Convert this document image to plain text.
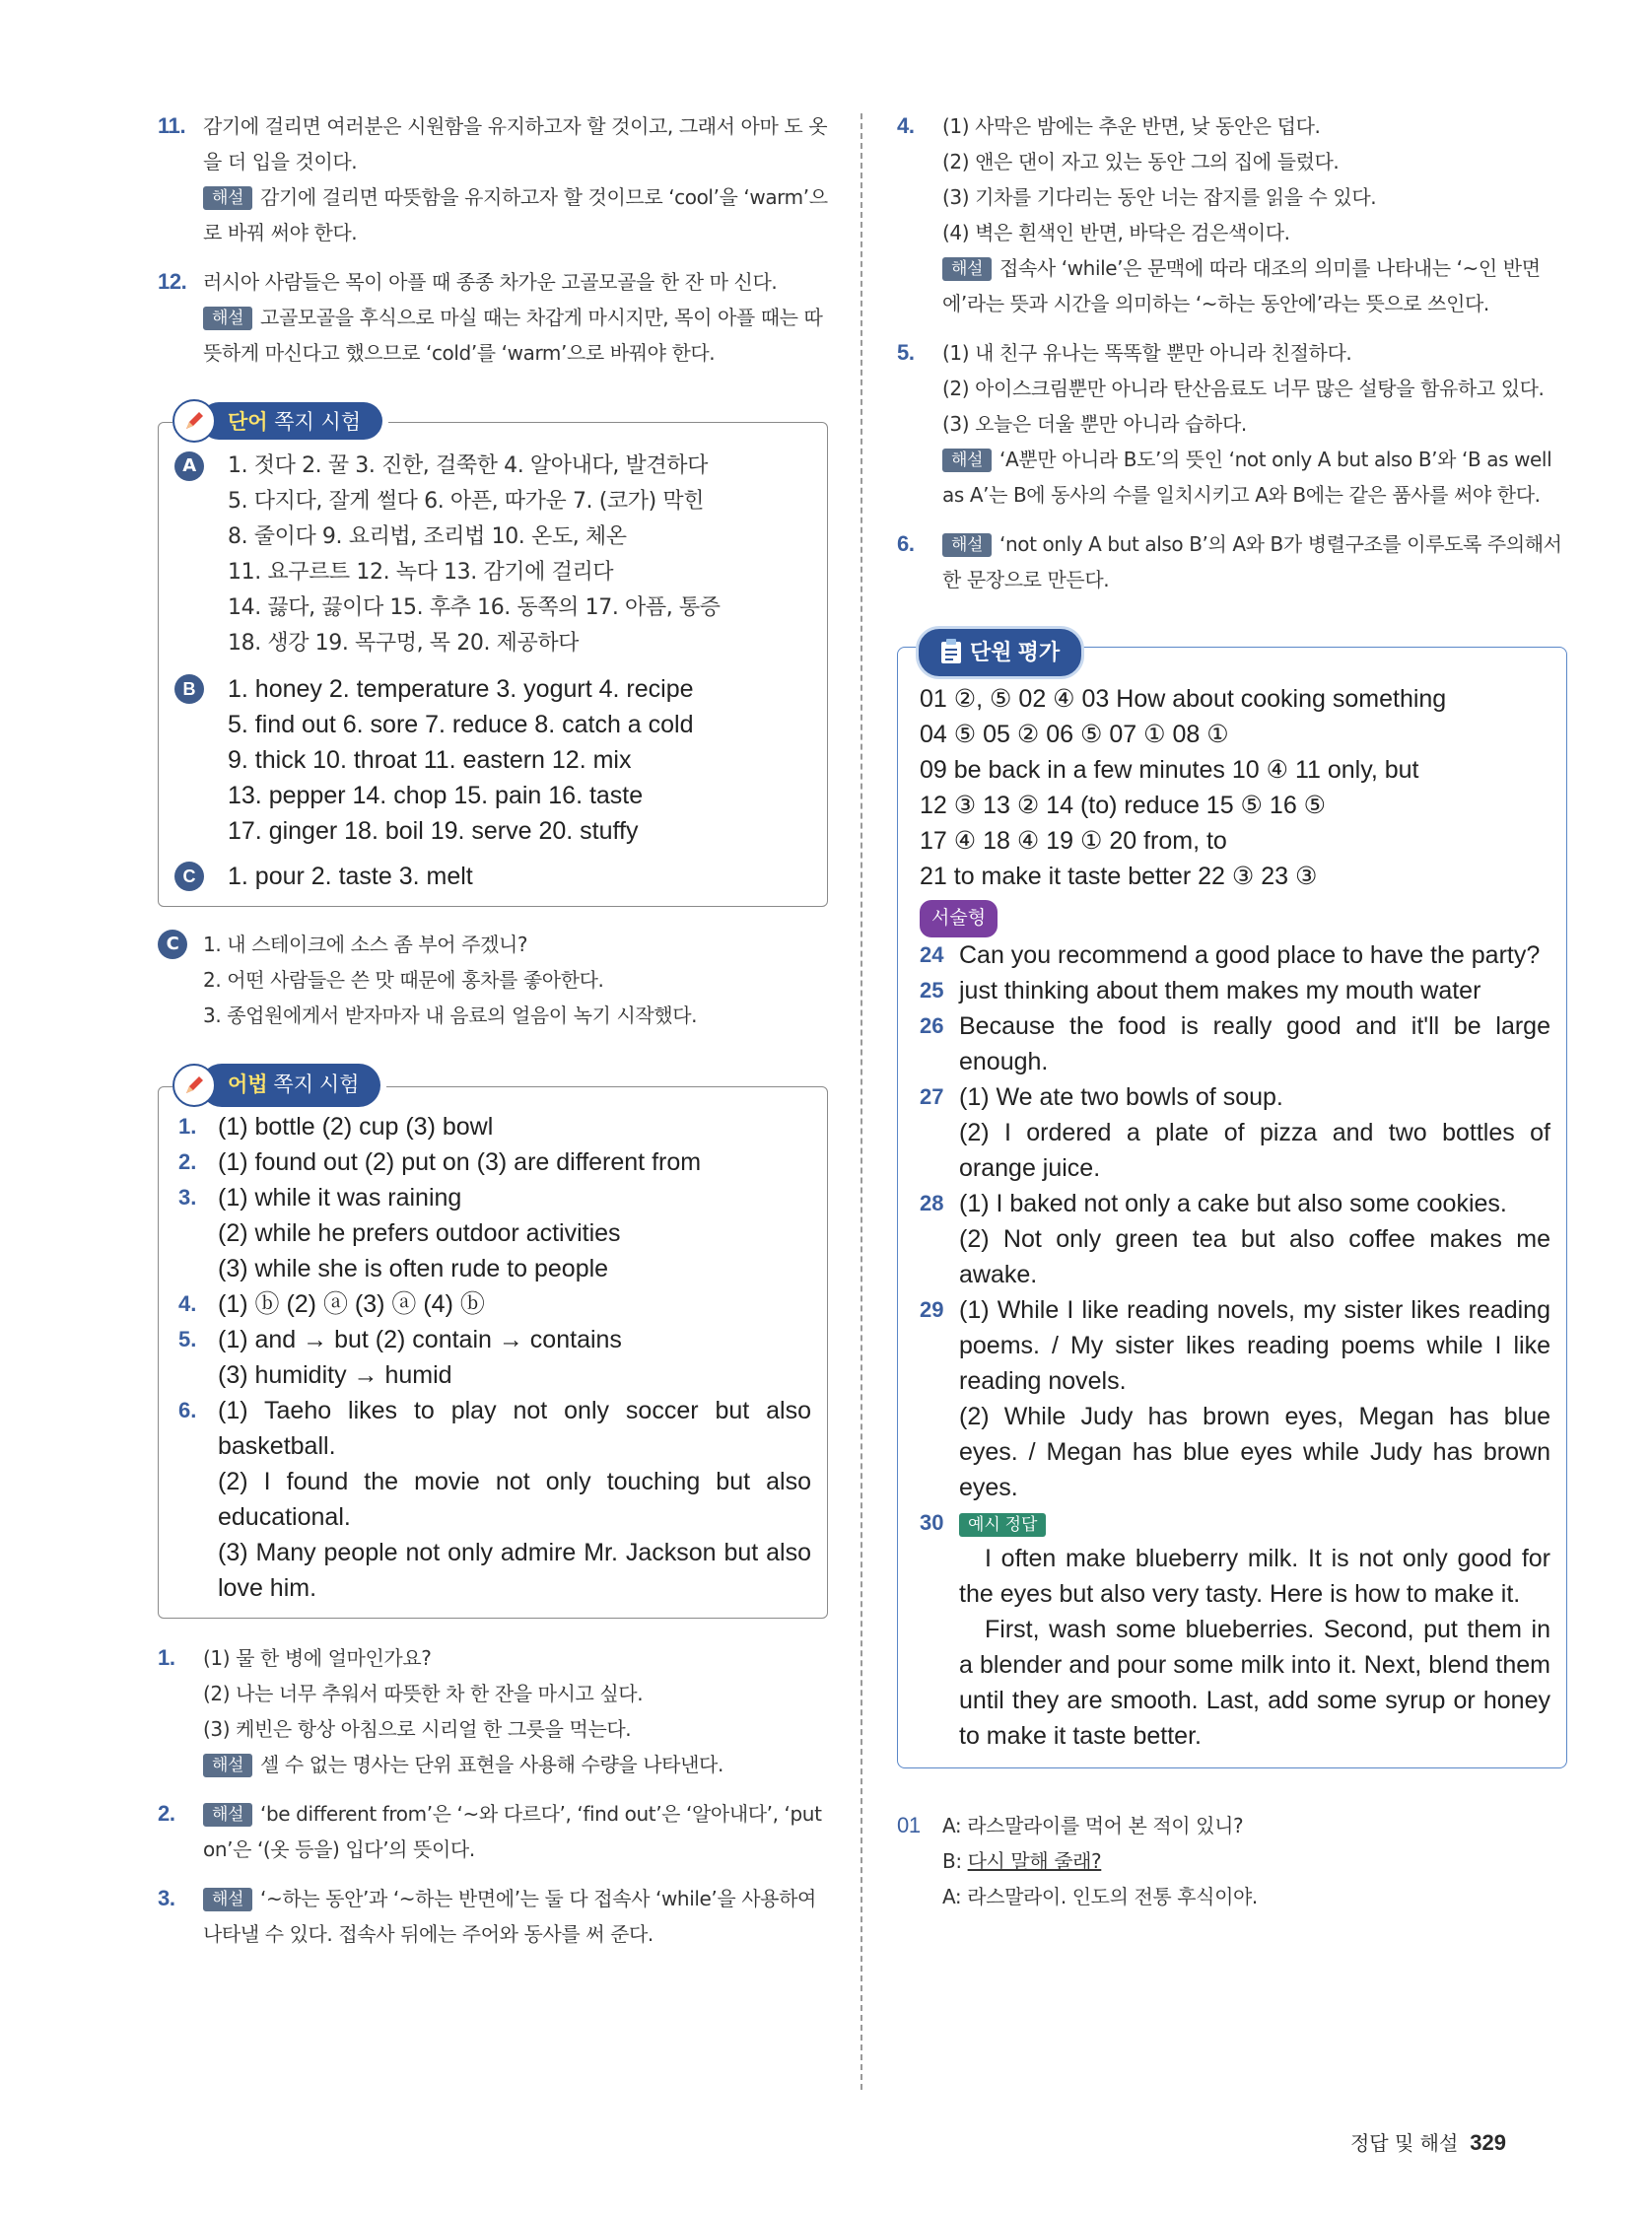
11. 감기에 걸리면 여러분은 시원함을 유지하고자 할 것이고, 그래서 아마 도 옷을 더 입을 것이다.
해설 감기에 걸리면 따뜻함을 유지하고자 할 것이므로 ‘cool’을 ‘warm’으로 바꿔 써야 한다.
12. 러시아 사람들은 목이 아플 때 종종 차가운 고골모골을 한 잔 마 신다.
해설 고골모골을 후식으로 마실 때는 차갑게 마시지만, 목이 아플 때는 따뜻하게 마신다고 했으므로 ‘cold’를 ‘warm’으로 바꿔야 한다.
단어 쪽지 시험
A	1. 젓다 2. 꿀 3. 진한, 걸쭉한 4. 알아내다, 발견하다
5. 다지다, 잘게 썰다 6. 아픈, 따가운 7. (코가) 막힌
8. 줄이다 9. 요리법, 조리법 10. 온도, 체온
11. 요구르트 12. 녹다 13. 감기에 걸리다
14. 끓다, 끓이다 15. 후추 16. 동쪽의 17. 아픔, 통증
18. 생강 19. 목구멍, 목 20. 제공하다
B	1. honey 2. temperature 3. yogurt 4. recipe
5. find out 6. sore 7. reduce 8. catch a cold
9. thick 10. throat 11. eastern 12. mix
13. pepper 14. chop 15. pain 16. taste
17. ginger 18. boil 19. serve 20. stuffy
C	1. pour 2. taste 3. melt
C	1. 내 스테이크에 소스 좀 부어 주겠니?
2. 어떤 사람들은 쓴 맛 때문에 홍차를 좋아한다.
3. 종업원에게서 받자마자 내 음료의 얼음이 녹기 시작했다.
어법 쪽지 시험
1. (1) bottle (2) cup (3) bowl
2. (1) found out (2) put on (3) are different from
3. (1) while it was raining
(2) while he prefers outdoor activities
(3) while she is often rude to people
4. (1) ⓑ (2) ⓐ (3) ⓐ (4) ⓑ
5. (1) and → but (2) contain → contains
(3) humidity → humid
6. (1) Taeho likes to play not only soccer but also basketball.
(2) I found the movie not only touching but also educational.
(3) Many people not only admire Mr. Jackson but also love him.
1. (1) 물 한 병에 얼마인가요?
(2) 나는 너무 추워서 따뜻한 차 한 잔을 마시고 싶다.
(3) 케빈은 항상 아침으로 시리얼 한 그릇을 먹는다.
해설 셀 수 없는 명사는 단위 표현을 사용해 수량을 나타낸다.
2.	해설 ‘be different from’은 ‘~와 다르다’, ‘find out’은 ‘알아내다’, ‘put on’은 ‘(옷 등을) 입다’의 뜻이다.
3.	해설 ‘~하는 동안’과 ‘~하는 반면에’는 둘 다 접속사 ‘while’을 사용하여 나타낼 수 있다. 접속사 뒤에는 주어와 동사를 써 준다.
4. (1) 사막은 밤에는 추운 반면, 낮 동안은 덥다.
(2) 앤은 댄이 자고 있는 동안 그의 집에 들렀다.
(3) 기차를 기다리는 동안 너는 잡지를 읽을 수 있다.
(4) 벽은 흰색인 반면, 바닥은 검은색이다.
해설 접속사 ‘while’은 문맥에 따라 대조의 의미를 나타내는 ‘~인 반면에’라는 뜻과 시간을 의미하는 ‘~하는 동안에’라는 뜻으로 쓰인다.
5. (1) 내 친구 유나는 똑똑할 뿐만 아니라 친절하다.
(2) 아이스크림뿐만 아니라 탄산음료도 너무 많은 설탕을 함유하고 있다.
(3) 오늘은 더울 뿐만 아니라 습하다.
해설 ‘A뿐만 아니라 B도’의 뜻인 ‘not only A but also B’와 ‘B as well as A’는 B에 동사의 수를 일치시키고 A와 B에는 같은 품사를 써야 한다.
6.	해설 ‘not only A but also B’의 A와 B가 병렬구조를 이루도록 주의해서 한 문장으로 만든다.
단원 평가
01 ②, ⑤ 02 ④ 03 How about cooking something
04 ⑤ 05 ② 06 ⑤ 07 ① 08 ①
09 be back in a few minutes 10 ④ 11 only, but
12 ③ 13 ② 14 (to) reduce 15 ⑤ 16 ⑤
17 ④ 18 ④ 19 ① 20 from, to
21 to make it taste better 22 ③ 23 ③
서술형
24 Can you recommend a good place to have the party?
25 just thinking about them makes my mouth water
26 Because the food is really good and it'll be large enough.
27 (1) We ate two bowls of soup.
(2) I ordered a plate of pizza and two bottles of orange juice.
28 (1) I baked not only a cake but also some cookies.
(2) Not only green tea but also coffee makes me awake.
29 (1) While I like reading novels, my sister likes reading poems. / My sister likes reading poems while I like reading novels.
(2) While Judy has brown eyes, Megan has blue eyes. / Megan has blue eyes while Judy has brown eyes.
30	예시 정답
I often make blueberry milk. It is not only good for the eyes but also very tasty. Here is how to make it.
First, wash some blueberries. Second, put them in a blender and pour some milk into it. Next, blend them until they are smooth. Last, add some syrup or honey to make it taste better.
01 A: 라스말라이를 먹어 본 적이 있니?
B: 다시 말해 줄래?
A: 라스말라이. 인도의 전통 후식이야.
정답 및 해설 329
